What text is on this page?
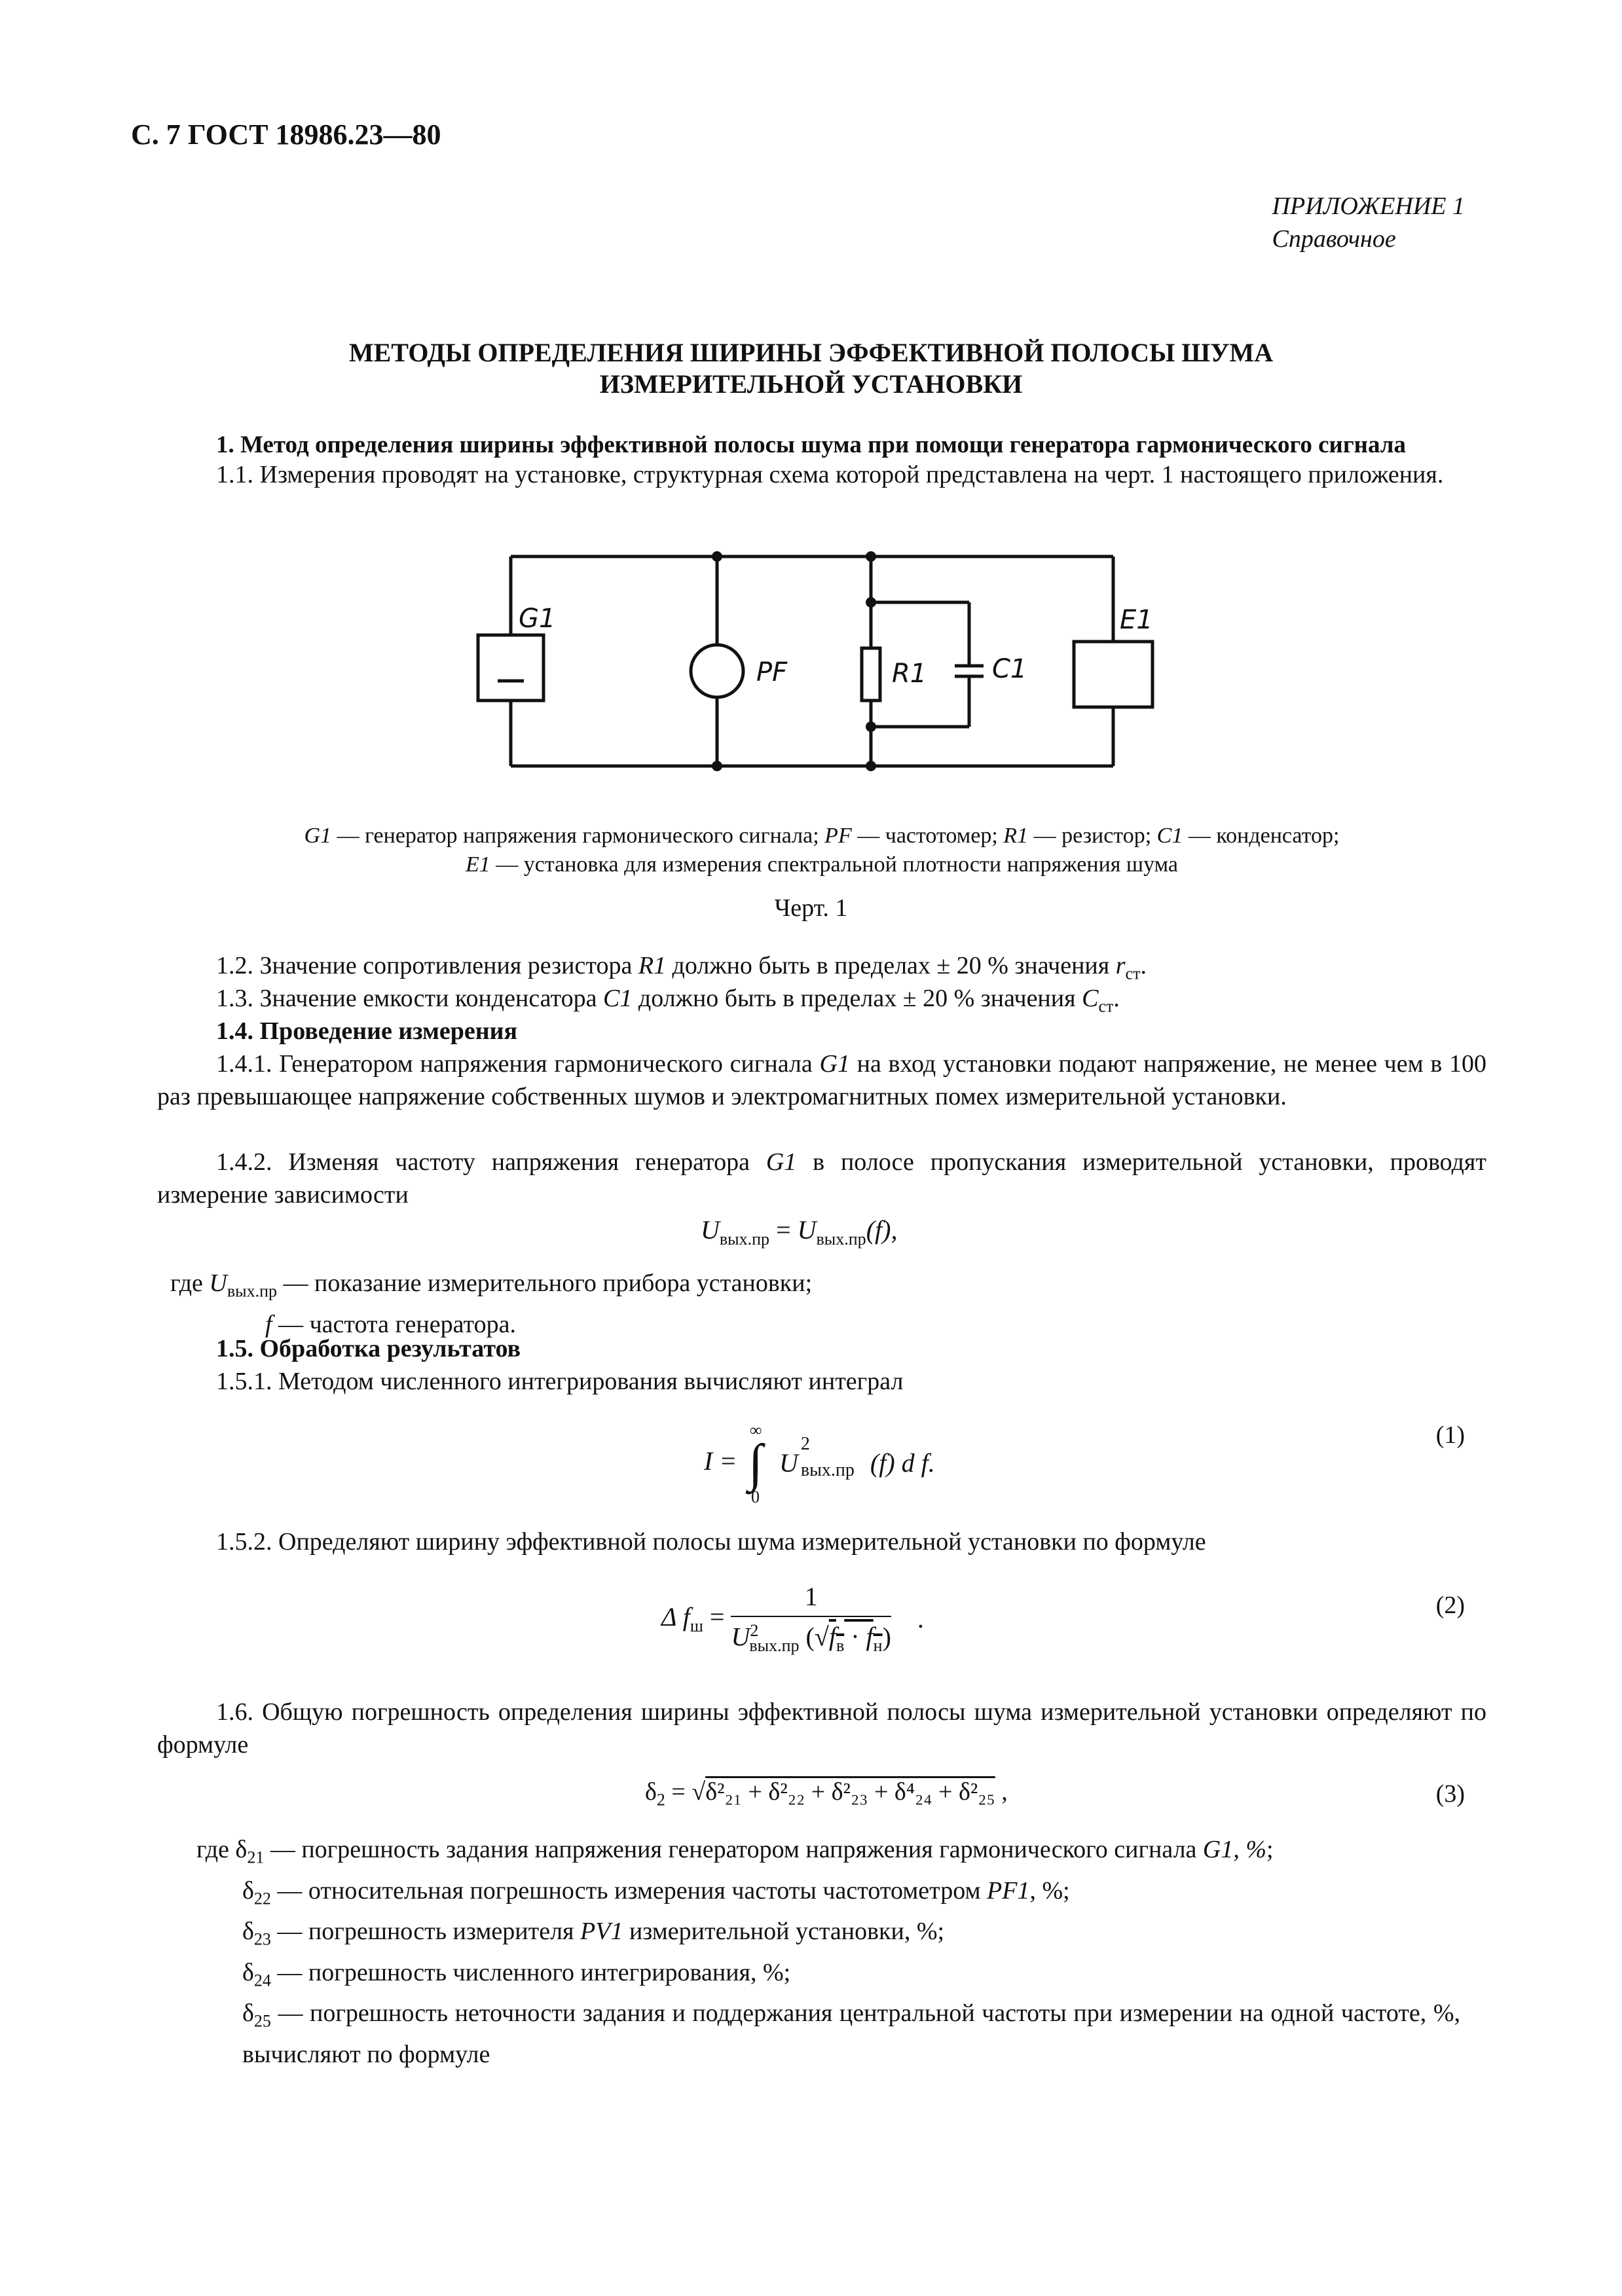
С. 7 ГОСТ 18986.23—80
ПРИЛОЖЕНИЕ 1
Справочное
МЕТОДЫ ОПРЕДЕЛЕНИЯ ШИРИНЫ ЭФФЕКТИВНОЙ ПОЛОСЫ ШУМА
ИЗМЕРИТЕЛЬНОЙ УСТАНОВКИ
1. Метод определения ширины эффективной полосы шума при помощи генератора гармонического сигнала
1.1. Измерения проводят на установке, структурная схема которой представлена на черт. 1 настоящего приложения.
G1
PF	R1 C1
E1
G1 — генератор напряжения гармонического сигнала; PF — частотомер; R1 — резистор; C1 — конденсатор;
E1 — установка для измерения спектральной плотности напряжения шума
Черт. 1
1.2. Значение сопротивления резистора R1 должно быть в пределах ± 20 % значения $r_{ст}$.
1.3. Значение емкости конденсатора C1 должно быть в пределах ± 20 % значения $C_{ст}$.
1.4. Проведение измерения
1.4.1. Генератором напряжения гармонического сигнала G1 на вход установки подают напряжение, не менее чем в 100 раз превышающее напряжение собственных шумов и электромагнитных помех измерительной установки.
1.4.2. Изменяя частоту напряжения генератора G1 в полосе пропускания измерительной установки, проводят измерение зависимости
$U_{вых.пр} = U_{вых.пр}(f)$,
где $U_{вых.пр}$ — показание измерительного прибора установки;
f — частота генератора.
1.5. Обработка результатов
1.5.1. Методом численного интегрирования вычисляют интеграл
I =
∞
∫
0
U
2
вых.пр (f) d f.
(1)
1.5.2. Определяют ширину эффективной полосы шума измерительной установки по формуле
Δ $f_ш = \frac{1}{U^2_{вых.пр} (√f_в \cdot f_н)}$ .	(2)
1.6. Общую погрешность определения ширины эффективной полосы шума измерительной установки определяют по формуле
$\delta_2 = √\delta^2_{21} + \delta^2_{22} + \delta^2_{23} + \delta^4_{24} + \delta^2_{25}$ ,	(3)
где $\delta_{21}$ — погрешность задания напряжения генератором напряжения гармонического сигнала G1, %;
$\delta_{22}$ — относительная погрешность измерения частоты частотометром PF1, %;
$\delta_{23}$ — погрешность измерителя PV1 измерительной установки, %;
$\delta_{24}$ — погрешность численного интегрирования, %;
$\delta_{25}$ — погрешность неточности задания и поддержания центральной частоты при измерении на одной частоте, %, вычисляют по формуле
